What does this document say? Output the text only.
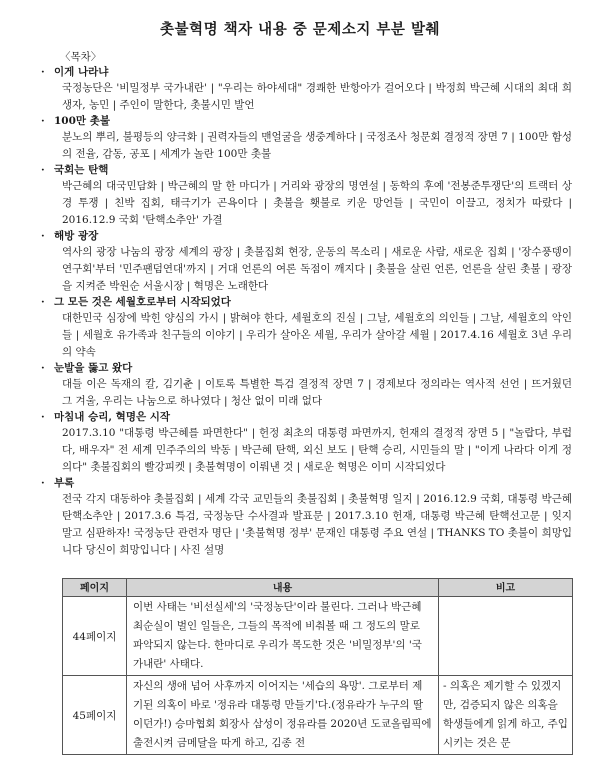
촛불혁명 책자 내용 중 문제소지 부분 발췌
〈목차〉
· 이게 나라냐
국정농단은 '비밀정부 국가내란' | "우리는 하야세대" 경쾌한 반항아가 걸어오다 | 박정희 박근혜 시대의 최대 희생자, 농민 | 주인이 말한다, 촛불시민 발언
· 100만 촛불
분노의 뿌리, 불평등의 양극화 | 권력자들의 맨얼굴을 생중계하다 | 국정조사 청문회 결정적 장면 7 | 100만 함성의 전율, 감동, 공포 | 세계가 놀란 100만 촛불
· 국회는 탄핵
박근혜의 대국민담화 | 박근혜의 말 한 마디가 | 거리와 광장의 명연설 | 동학의 후예 '전봉준투쟁단'의 트랙터 상경 투쟁 | 친박 집회, 태극기가 곤욕이다 | 촛불을 횃불로 키운 망언들 | 국민이 이끌고, 정치가 따랐다 | 2016.12.9 국회 '탄핵소추안' 가결
· 해방 광장
역사의 광장 나눔의 광장 세계의 광장 | 촛불집회 현장, 운동의 목소리 | 새로운 사람, 새로운 집회 | '장수풍뎅이연구회'부터 '민주팬덤연대'까지 | 거대 언론의 여론 독점이 깨지다 | 촛불을 살린 언론, 언론을 살린 촛불 | 광장을 지켜준 박원순 서울시장 | 혁명은 노래한다
· 그 모든 것은 세월호로부터 시작되었다
대한민국 심장에 박힌 양심의 가시 | 밝혀야 한다, 세월호의 진실 | 그날, 세월호의 의인들 | 그날, 세월호의 악인들 | 세월호 유가족과 친구들의 이야기 | 우리가 살아온 세월, 우리가 살아갈 세월 | 2017.4.16 세월호 3년 우리의 약속
· 눈발을 뚫고 왔다
대들 이은 독재의 칼, 김기춘 | 이토록 특별한 특검 결정적 장면 7 | 경제보다 정의라는 역사적 선언 | 뜨거웠던 그 겨울, 우리는 나눔으로 하나였다 | 청산 없이 미래 없다
· 마침내 승리, 혁명은 시작
2017.3.10 "대통령 박근혜를 파면한다" | 헌정 최초의 대통령 파면까지, 헌재의 결정적 장면 5 | "놀랍다, 부럽다, 배우자" 전 세계 민주주의의 박동 | 박근혜 탄핵, 외신 보도 | 탄핵 승리, 시민들의 말 | "이게 나라다 이게 정의다" 촛불집회의 빨강피켓 | 촛불혁명이 이뤄낸 것 | 새로운 혁명은 이미 시작되었다
· 부록
전국 각지 대동하야 촛불집회 | 세계 각국 교민들의 촛불집회 | 촛불혁명 일지 | 2016.12.9 국회, 대통령 박근혜 탄핵소추안 | 2017.3.6 특검, 국정농단 수사결과 발표문 | 2017.3.10 헌재, 대통령 박근혜 탄핵선고문 | 잊지 말고 심판하자! 국정농단 관련자 명단 | '촛불혁명 정부' 문재인 대통령 주요 연설 | THANKS TO 촛불이 희망입니다 당신이 희망입니다 | 사진 설명
페이지	내용	비고
44페이지	이번 사태는 '비선실세'의 '국정농단'이라 불린다. 그러나 박근혜 최순실이 벌인 일들은, 그들의 목적에 비춰볼 때 그 정도의 말로 파악되지 않는다. 한마디로 우리가 목도한 것은 '비밀정부'의 '국가내란' 사태다.	
45페이지	자신의 생애 넘어 사후까지 이어지는 '세습의 욕망'. 그로부터 제기된 의혹이 바로 '정유라 대통령 만들기'다.(정유라가 누구의 딸이던가!) 승마협회 회장사 삼성이 정유라를 2020년 도쿄올림픽에 출전시켜 금메달을 따게 하고, 김종 전	- 의혹은 제기할 수 있겠지만, 검증되지 않은 의혹을 학생들에게 읽게 하고, 주입시키는 것은 문
